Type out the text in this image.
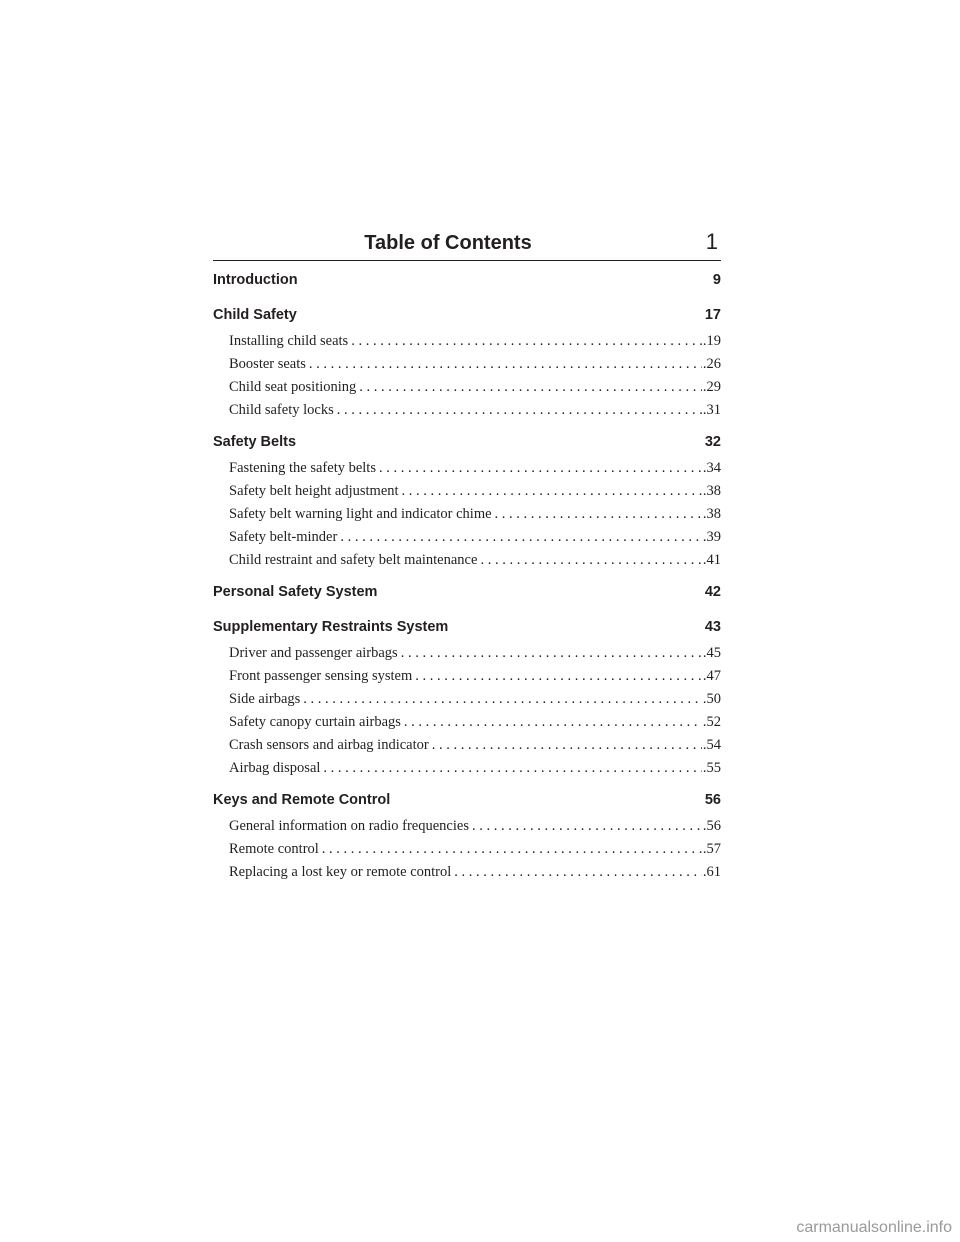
Table of Contents	1
Introduction	9
Child Safety	17
Installing child seats . . .	.19
Booster seats . . .	.26
Child seat positioning . . .	.29
Child safety locks . . .	.31
Safety Belts	32
Fastening the safety belts . . .	.34
Safety belt height adjustment . . .	.38
Safety belt warning light and indicator chime . . .	.38
Safety belt-minder . . .	.39
Child restraint and safety belt maintenance . . .	.41
Personal Safety System	42
Supplementary Restraints System	43
Driver and passenger airbags . . .	.45
Front passenger sensing system . . .	.47
Side airbags . . .	.50
Safety canopy curtain airbags . . .	.52
Crash sensors and airbag indicator . . .	.54
Airbag disposal . . .	.55
Keys and Remote Control	56
General information on radio frequencies . . .	.56
Remote control . . .	.57
Replacing a lost key or remote control . . .	.61
carmanualsonline.info
